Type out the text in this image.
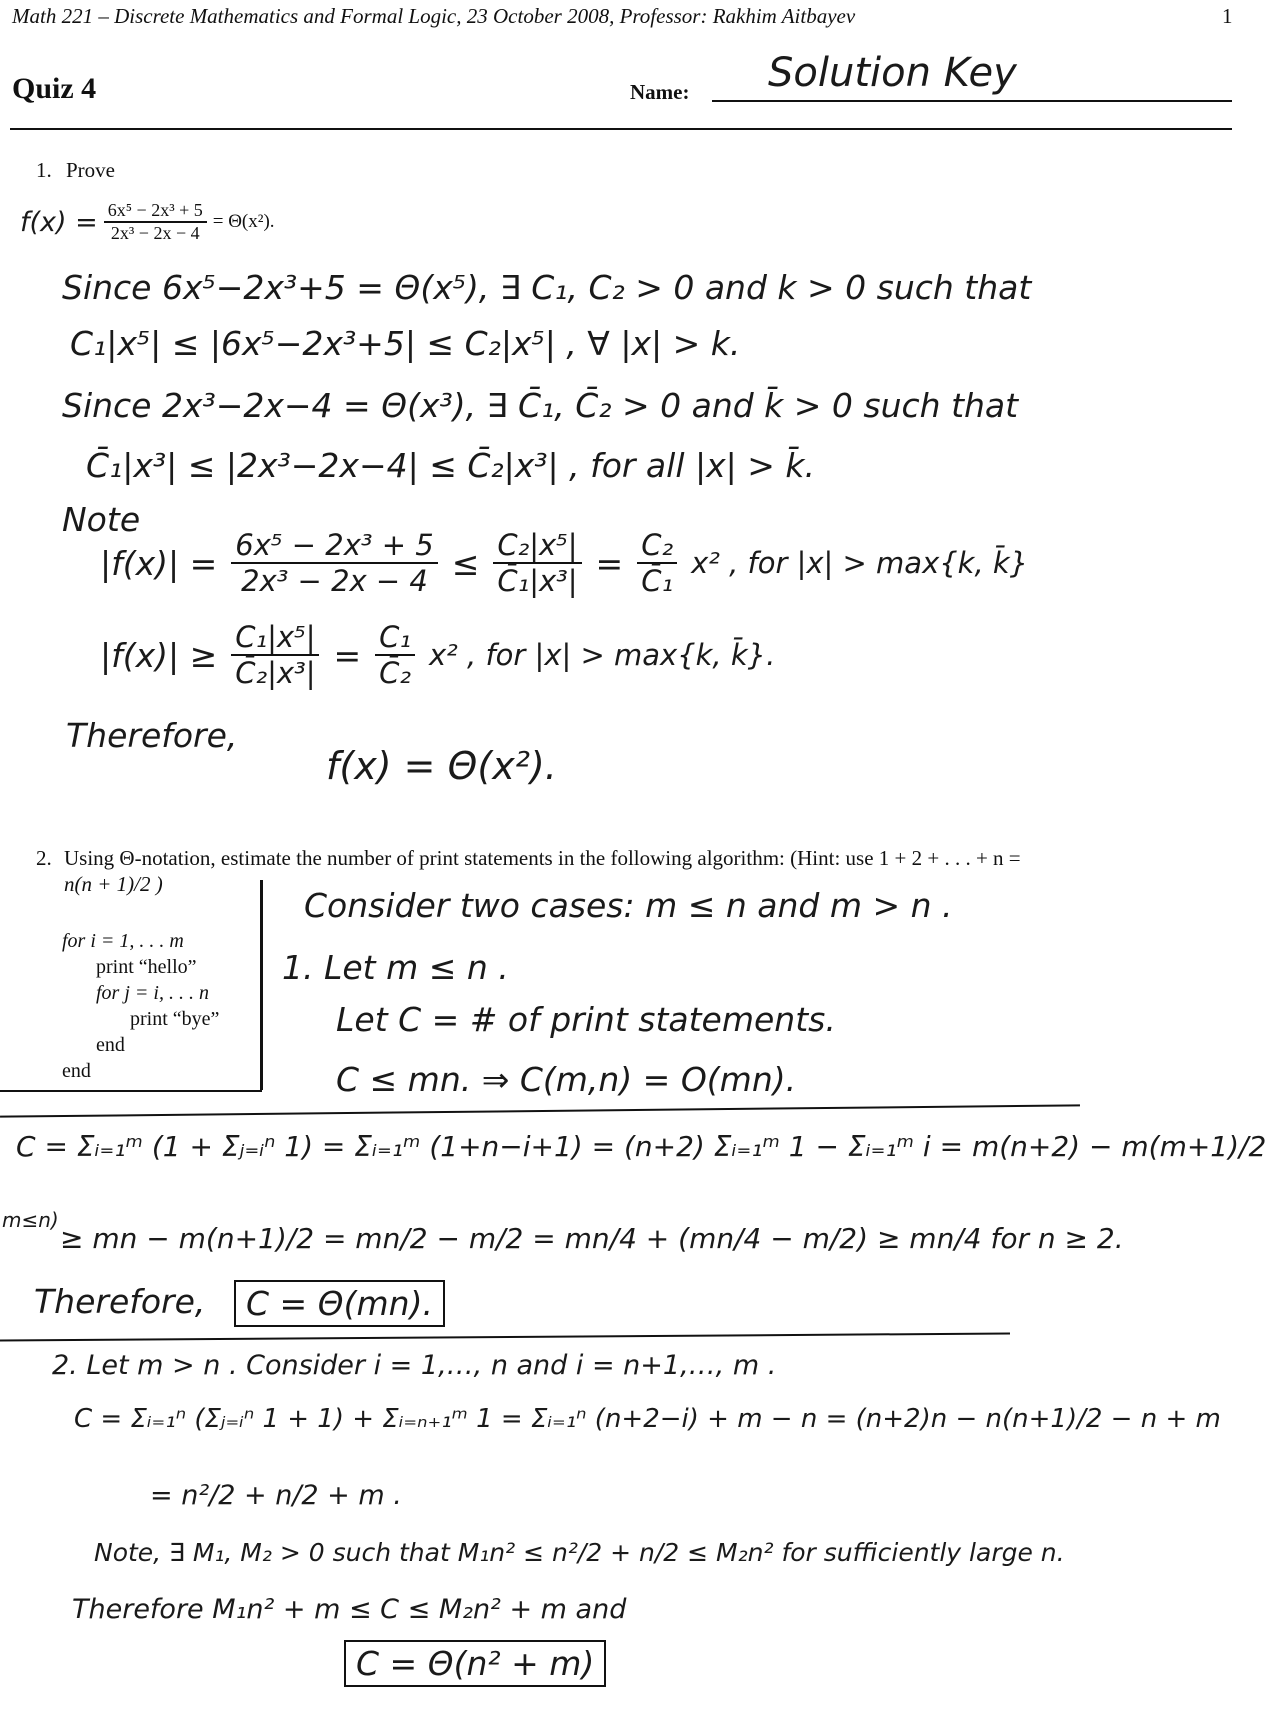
Math 221 – Discrete Mathematics and Formal Logic, 23 October 2008, Professor: Rakhim Aitbayev	1
Quiz 4	Name: Solution Key
1. Prove
$f(x) = \frac{\text{6x⁵ − 2x³ + 5}}{\text{2x³ − 2x − 4}} = \Theta(x^2)$.
Since 6x⁵−2x³+5 = Θ(x⁵), ∃ C₁, C₂ > 0 and k > 0 such that
C₁|x⁵| ≤ |6x⁵−2x³+5| ≤ C₂|x⁵| , ∀ |x| > k.
Since 2x³−2x−4 = Θ(x³), ∃ C̄₁, C̄₂ > 0 and k̄ > 0 such that
C̄₁|x³| ≤ |2x³−2x−4| ≤ C̄₂|x³| , for all |x| > k̄.
Note
$|f(x)| = \frac{\text{6x⁵ − 2x³ + 5}}{\text{2x³ − 2x − 4}} \le \frac{\text{C₂|x⁵|}}{\text{C̄₁|x³|}} = \frac{\text{C₂}}{\text{C̄₁}} x^2$ , for |x| > max{k, k̄}
$|f(x)| \ge \frac{\text{C₁|x⁵|}}{\text{C̄₂|x³|}} = \frac{\text{C₁}}{\text{C̄₂}} x^2$ , for |x| > max{k, k̄}.
Therefore,
f(x) = Θ(x²).
2. Using Θ-notation, estimate the number of print statements in the following algorithm: (Hint: use 1 + 2 + . . . + n =
n(n + 1)/2 )
for i = 1, . . . m
print “hello”
for j = i, . . . n
print “bye”
end
end
Consider two cases: m ≤ n and m > n .
1. Let m ≤ n .
Let C = # of print statements.
C ≤ mn. ⇒ C(m,n) = O(mn).
C = Σᵢ₌₁ᵐ (1 + Σⱼ₌ᵢⁿ 1) = Σᵢ₌₁ᵐ (1+n−i+1) = (n+2) Σᵢ₌₁ᵐ 1 − Σᵢ₌₁ᵐ i = m(n+2) − m(m+1)/2
m≤n)
≥ mn − m(n+1)/2 = mn/2 − m/2 = mn/4 + (mn/4 − m/2) ≥ mn/4 for n ≥ 2.
Therefore,	C = Θ(mn).
2. Let m > n . Consider i = 1,…, n and i = n+1,…, m .
C = Σᵢ₌₁ⁿ (Σⱼ₌ᵢⁿ 1 + 1) + Σᵢ₌ₙ₊₁ᵐ 1 = Σᵢ₌₁ⁿ (n+2−i) + m − n = (n+2)n − n(n+1)/2 − n + m
= n²/2 + n/2 + m .
Note, ∃ M₁, M₂ > 0 such that M₁n² ≤ n²/2 + n/2 ≤ M₂n² for sufficiently large n.
Therefore M₁n² + m ≤ C ≤ M₂n² + m and
C = Θ(n² + m)
